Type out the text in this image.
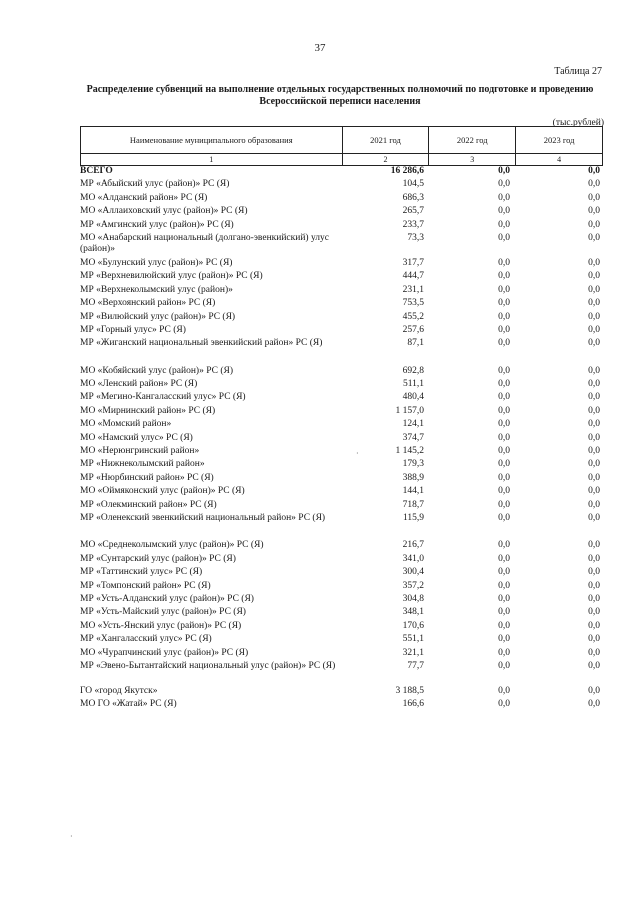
37
Таблица 27
Распределение субвенций на выполнение отдельных государственных полномочий по подготовке и проведению Всероссийской переписи населения
(тыс.рублей)
Наименование муниципального образования	2021 год	2022 год	2023 год
1	2	3	4
ВСЕГО	16 286,6	0,0	0,0
МР «Абыйский улус (район)» РС (Я)	104,5	0,0	0,0
МО «Алданский район» РС (Я)	686,3	0,0	0,0
МО «Аллаиховский улус (район)» РС (Я)	265,7	0,0	0,0
МР «Амгинский улус (район)» РС (Я)	233,7	0,0	0,0
МО «Анабарский национальный (долгано-эвенкийский) улус (район)»
73,3	0,0	0,0
МО «Булунский улус (район)» РС (Я)	317,7	0,0	0,0
МР «Верхневилюйский улус (район)» РС (Я)	444,7	0,0	0,0
МР «Верхнеколымский улус (район)»	231,1	0,0	0,0
МО «Верхоянский район» РС (Я)	753,5	0,0	0,0
МР «Вилюйский улус (район)» РС (Я)	455,2	0,0	0,0
МР «Горный улус» РС (Я)	257,6	0,0	0,0
МР «Жиганский национальный эвенкийский район» РС (Я)	87,1	0,0	0,0
МО «Кобяйский улус (район)» РС (Я)	692,8	0,0	0,0
МО «Ленский район» РС (Я)	511,1	0,0	0,0
МР «Мегино-Кангаласский улус» РС (Я)	480,4	0,0	0,0
МО «Мирнинский район» РС (Я)	1 157,0	0,0	0,0
МО «Момский район»	124,1	0,0	0,0
МО «Намский улус» РС (Я)	374,7	0,0	0,0
МО «Нерюнгринский район»	1 145,2	0,0	0,0
МР «Нижнеколымский район»	179,3	0,0	0,0
МР «Нюрбинский район» РС (Я)	388,9	0,0	0,0
МО «Оймяконский улус (район)» РС (Я)	144,1	0,0	0,0
МР «Олекминский район» РС (Я)	718,7	0,0	0,0
МР «Оленекский эвенкийский национальный район» РС (Я)	115,9	0,0	0,0
МО «Среднеколымский улус (район)» РС (Я)	216,7	0,0	0,0
МР «Сунтарский улус (район)» РС (Я)	341,0	0,0	0,0
МР «Таттинский улус» РС (Я)	300,4	0,0	0,0
МР «Томпонский район» РС (Я)	357,2	0,0	0,0
МР «Усть-Алданский улус (район)» РС (Я)	304,8	0,0	0,0
МР «Усть-Майский улус (район)» РС (Я)	348,1	0,0	0,0
МО «Усть-Янский улус (район)» РС (Я)	170,6	0,0	0,0
МР «Хангаласский улус» РС (Я)	551,1	0,0	0,0
МО «Чурапчинский улус (район)» РС (Я)	321,1	0,0	0,0
МР «Эвено-Бытантайский национальный улус (район)» РС (Я)	77,7	0,0	0,0
ГО «город Якутск»	3 188,5	0,0	0,0
МО ГО «Жатай» РС (Я)	166,6	0,0	0,0
·
·
